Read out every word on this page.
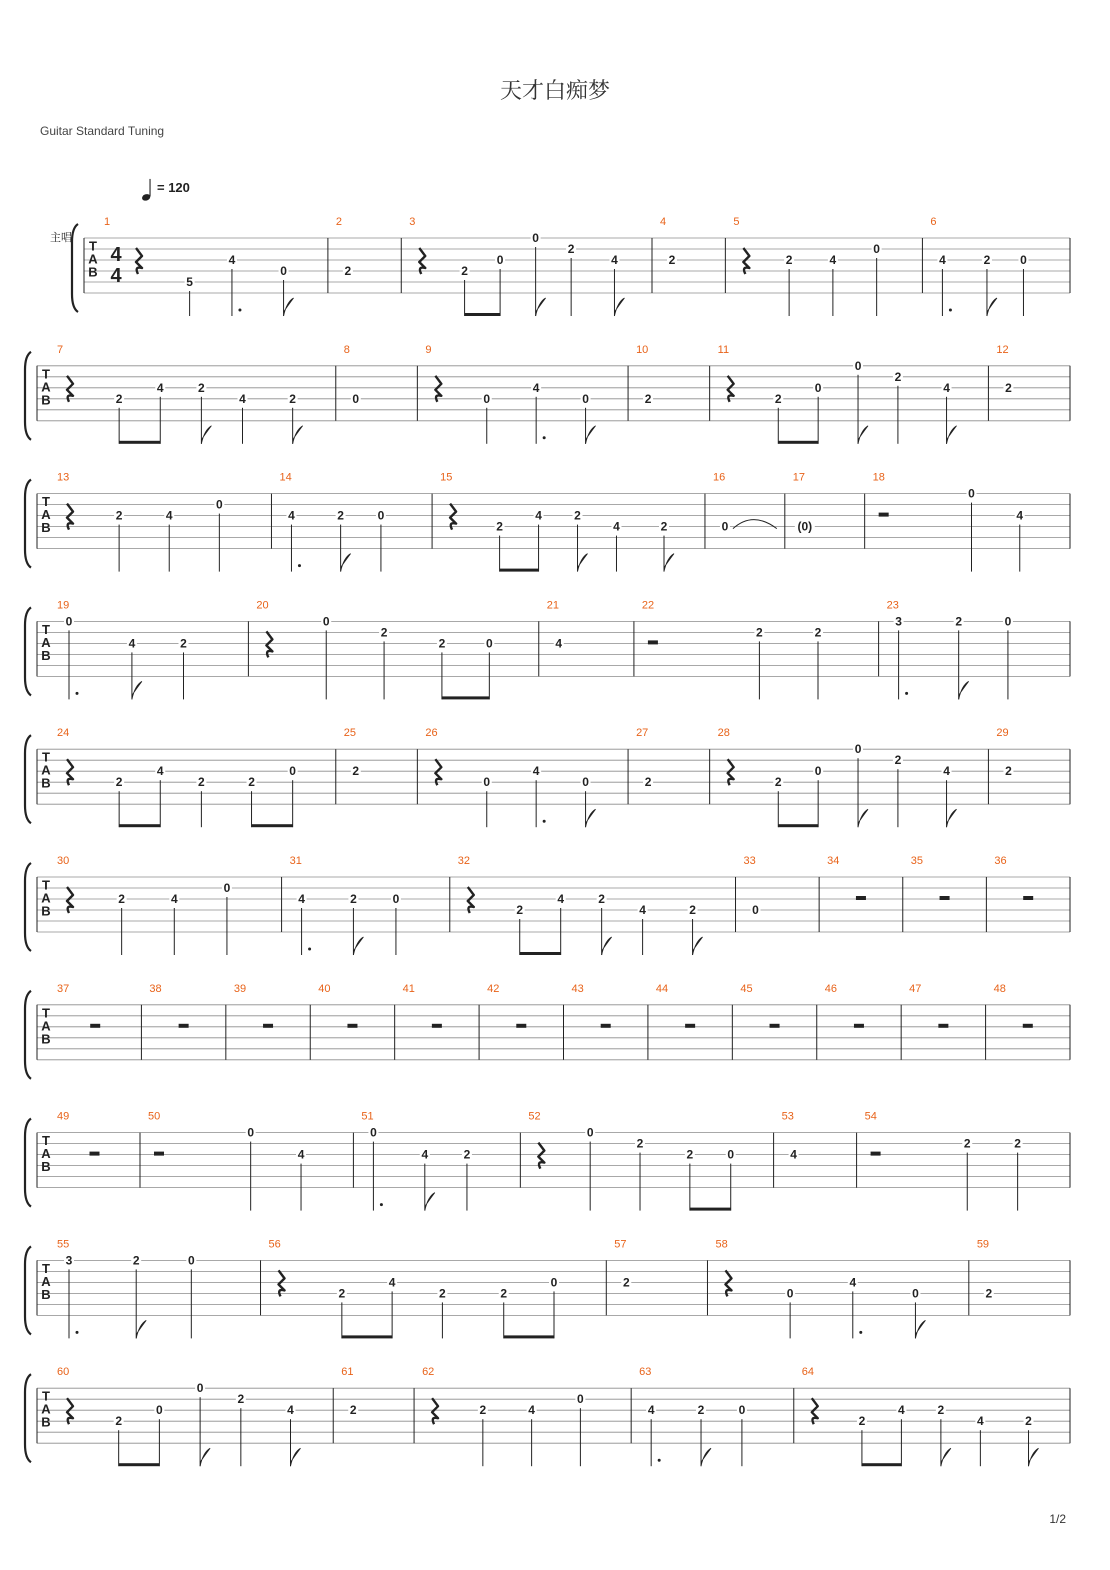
天才白痴梦
Guitar Standard Tuning
= 120
主唱
T
A
B
1
4
4	5
4
0
2
2
3
2
0
0
2
4
4
2
5
2	4
0
6
4	2 0
T
A
B
7
2
4	2
4	2
8
0
9
0
4
0
10
2
11
2
0
0
2
4
12
2
T
A
B
13
2	4
0
14
4	2	0
15
2
4	2
4	2
16
0
17
(0)
18
0
4
T
A
B
19
0
4	2
20
0
2
2	0
21
4
22
2	2
23
3	2	0
T
A
B
24
2
4
2	2
0
25
2
26
0
4
0
27
2
28
2
0
0
2
4
29
2
T
A
B
30
2	4
0
31
4	2	0
32
2
4	2
4	2
33
0
34	35	36
T
A
B
37	38	39	40	41	42	43	44	45	46	47	48
T
A
B
49	50
0
4
51
0
4	2
52
0
2
2	0
53
4
54
2	2
T
A
B
55
3	2	0
56
2
4
2	2
0
57
2
58
0
4
0
59
2
T
A
B
60
2
0
0
2
4
61
2
62
2	4
0
63
4	2	0
64
2
4	2
4	2
1/2
